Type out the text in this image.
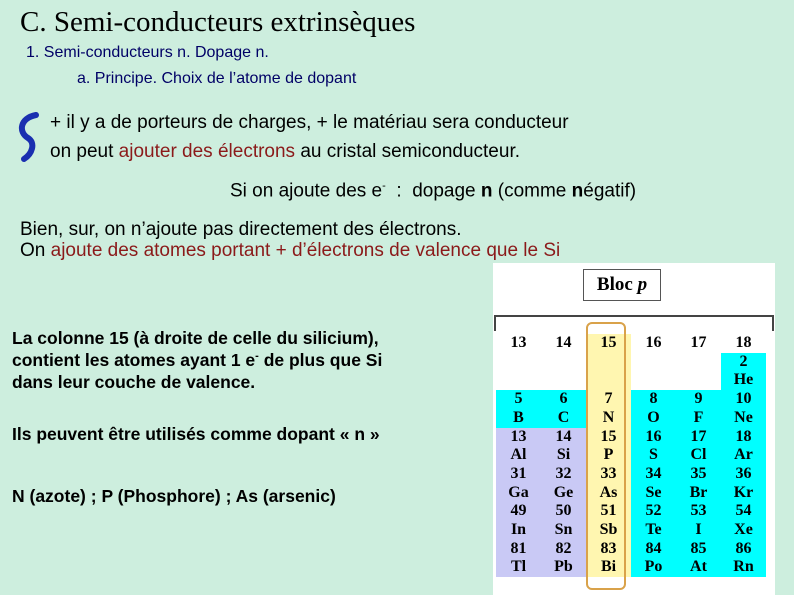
C. Semi-conducteurs extrinsèques
1. Semi-conducteurs n. Dopage n.
a. Principe. Choix de l’atome de dopant
+ il y a de porteurs de charges, + le matériau sera conducteur
on peut ajouter des électrons au cristal semiconducteur.
Si on ajoute des e-  :  dopage n (comme négatif)
Bien, sur, on n’ajoute pas directement des électrons.
On ajoute des atomes portant + d’électrons de valence que le Si
La colonne 15 (à droite de celle du silicium),
contient les atomes ayant 1 e- de plus que Si
dans leur couche de valence.
Ils peuvent être utilisés comme dopant « n »
N (azote) ; P (Phosphore) ; As (arsenic)
Bloc p
13	14	15	16	17	18
					2
					He
5	6	7	8	9	10
B	C	N	O	F	Ne
13	14	15	16	17	18
Al	Si	P	S	Cl	Ar
31	32	33	34	35	36
Ga	Ge	As	Se	Br	Kr
49	50	51	52	53	54
In	Sn	Sb	Te	I	Xe
81	82	83	84	85	86
Tl	Pb	Bi	Po	At	Rn
